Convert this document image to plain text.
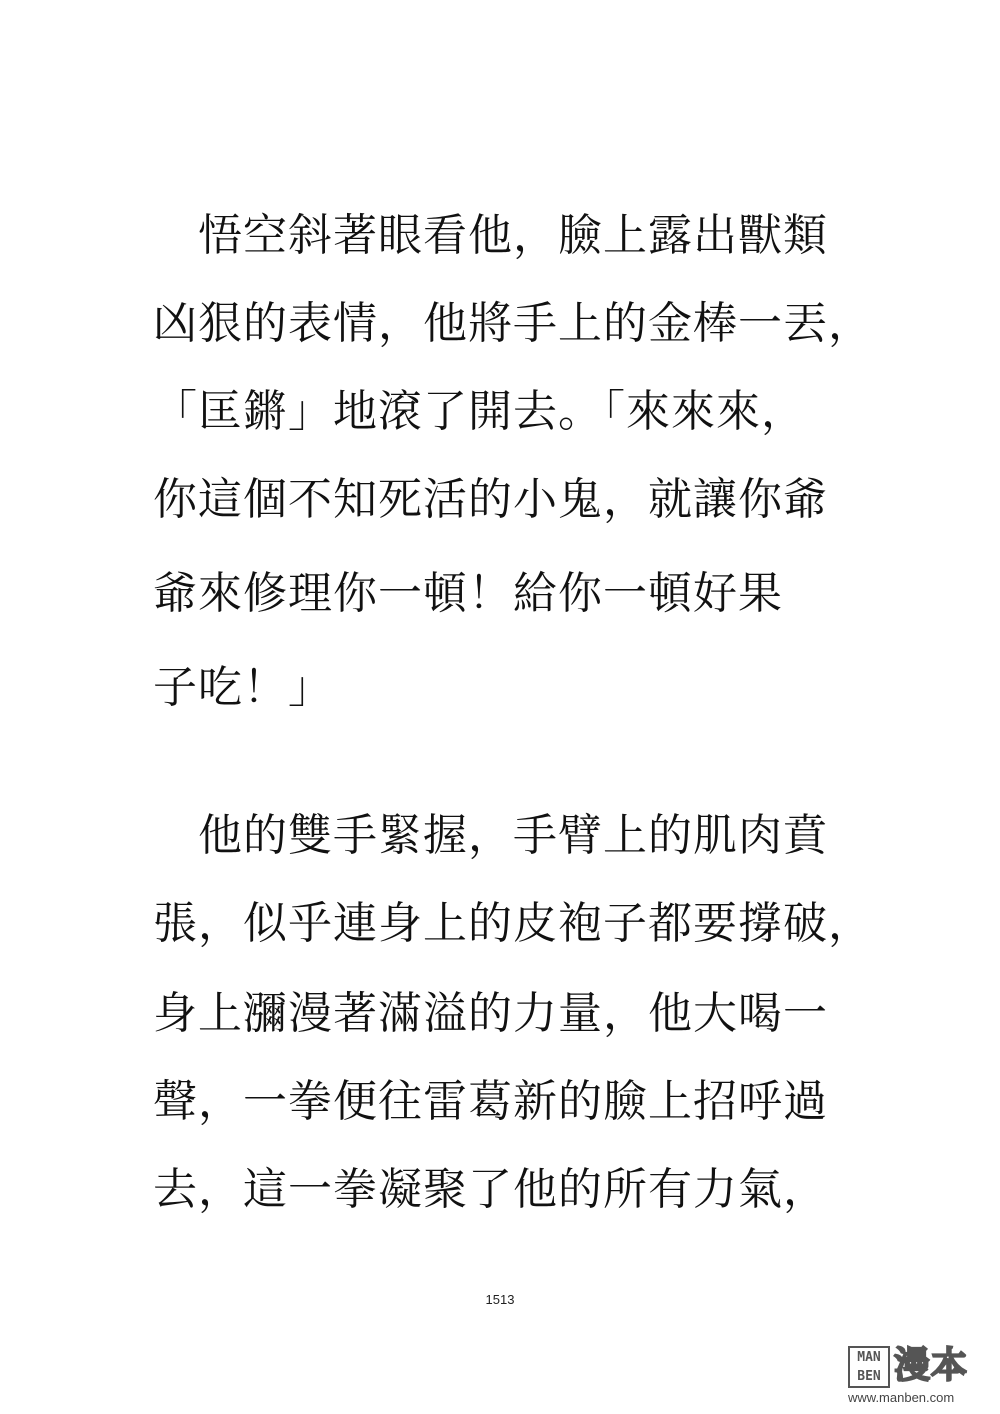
　悟空斜著眼看他，臉上露出獸類
凶狠的表情，他將手上的金棒一丟，
「匡鏘」地滾了開去。「來來來，
你這個不知死活的小鬼，就讓你爺
爺來修理你一頓！給你一頓好果
子吃！」
　他的雙手緊握，手臂上的肌肉賁
張，似乎連身上的皮袍子都要撐破，
身上瀰漫著滿溢的力量，他大喝一
聲，一拳便往雷葛新的臉上招呼過
去，這一拳凝聚了他的所有力氣，
1513
MAN
BEN 漫本
www.manben.com
